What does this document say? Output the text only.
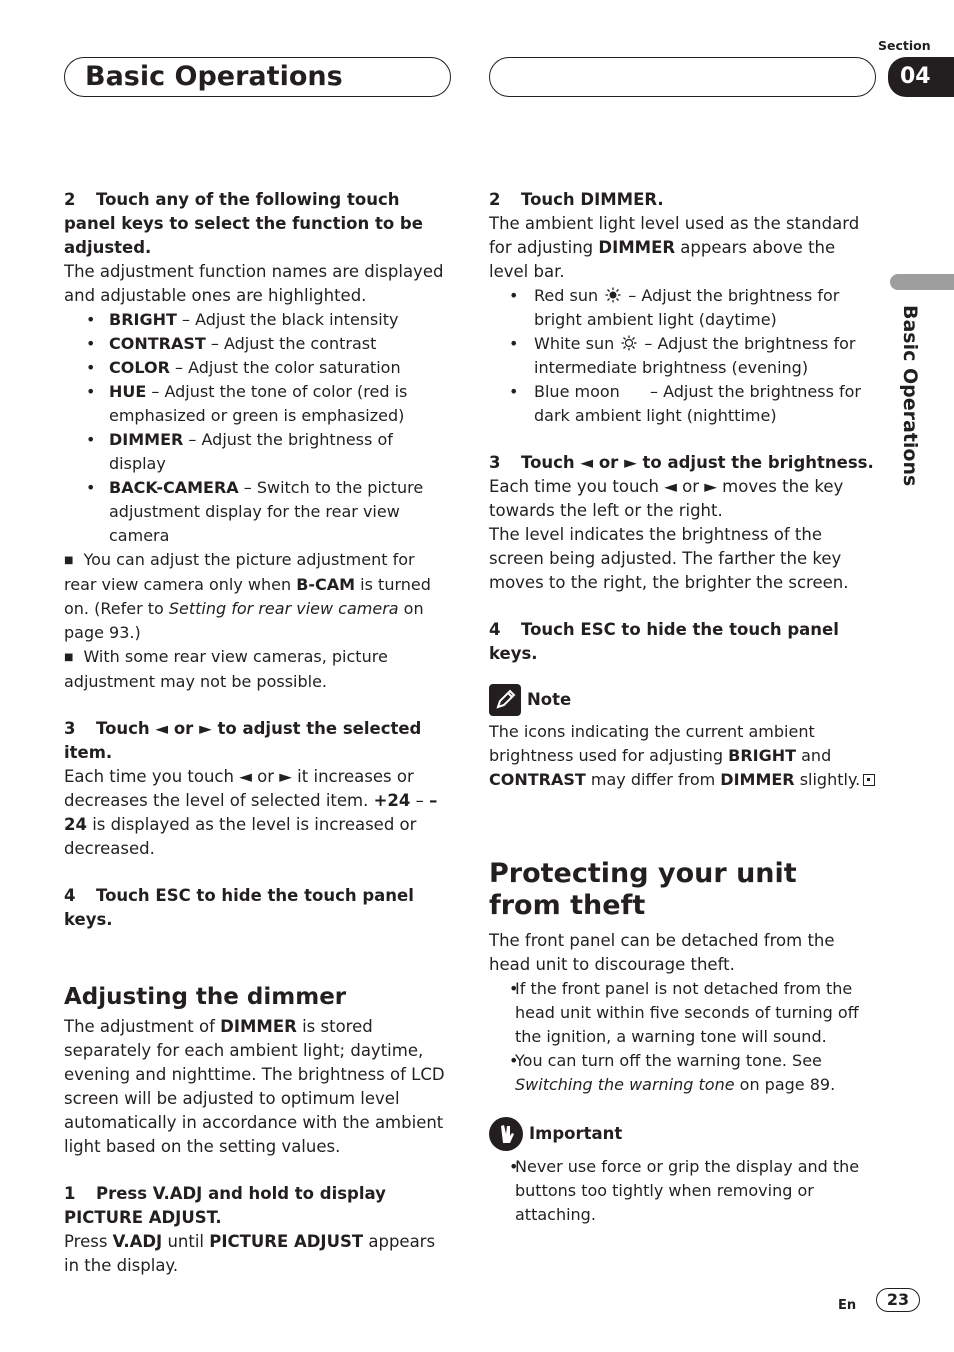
Basic Operations
Section
04
Basic Operations

2 Touch any of the following touch panel keys to select the function to be adjusted.

The adjustment function names are displayed and adjustable ones are highlighted.

• BRIGHT – Adjust the black intensity
• CONTRAST – Adjust the contrast
• COLOR – Adjust the color saturation
• HUE – Adjust the tone of color (red is emphasized or green is emphasized)
• DIMMER – Adjust the brightness of display
• BACK-CAMERA – Switch to the picture adjustment display for the rear view camera

■ You can adjust the picture adjustment for rear view camera only when B-CAM is turned on. (Refer to Setting for rear view camera on page 93.)

■ With some rear view cameras, picture adjustment may not be possible.

3 Touch ◄ or ► to adjust the selected item.

Each time you touch ◄ or ► it increases or decreases the level of selected item. +24 – –24 is displayed as the level is increased or decreased.

4 Touch ESC to hide the touch panel keys.

Adjusting the dimmer

The adjustment of DIMMER is stored separately for each ambient light; daytime, evening and nighttime. The brightness of LCD screen will be adjusted to optimum level automatically in accordance with the ambient light based on the setting values.

1 Press V.ADJ and hold to display PICTURE ADJUST.

Press V.ADJ until PICTURE ADJUST appears in the display.

2 Touch DIMMER.

The ambient light level used as the standard for adjusting DIMMER appears above the level bar.

• Red sun  – Adjust the brightness for bright ambient light (daytime)
• White sun  – Adjust the brightness for intermediate brightness (evening)
• Blue moon  – Adjust the brightness for dark ambient light (nighttime)

3 Touch ◄ or ► to adjust the brightness.

Each time you touch ◄ or ► moves the key towards the left or the right.

The level indicates the brightness of the screen being adjusted. The farther the key moves to the right, the brighter the screen.

4 Touch ESC to hide the touch panel keys.

Note

The icons indicating the current ambient brightness used for adjusting BRIGHT and CONTRAST may differ from DIMMER slightly.

Protecting your unit from theft

The front panel can be detached from the head unit to discourage theft.

• If the front panel is not detached from the head unit within five seconds of turning off the ignition, a warning tone will sound.
• You can turn off the warning tone. See Switching the warning tone on page 89.
Important
• Never use force or grip the display and the buttons too tightly when removing or attaching.
En	23
